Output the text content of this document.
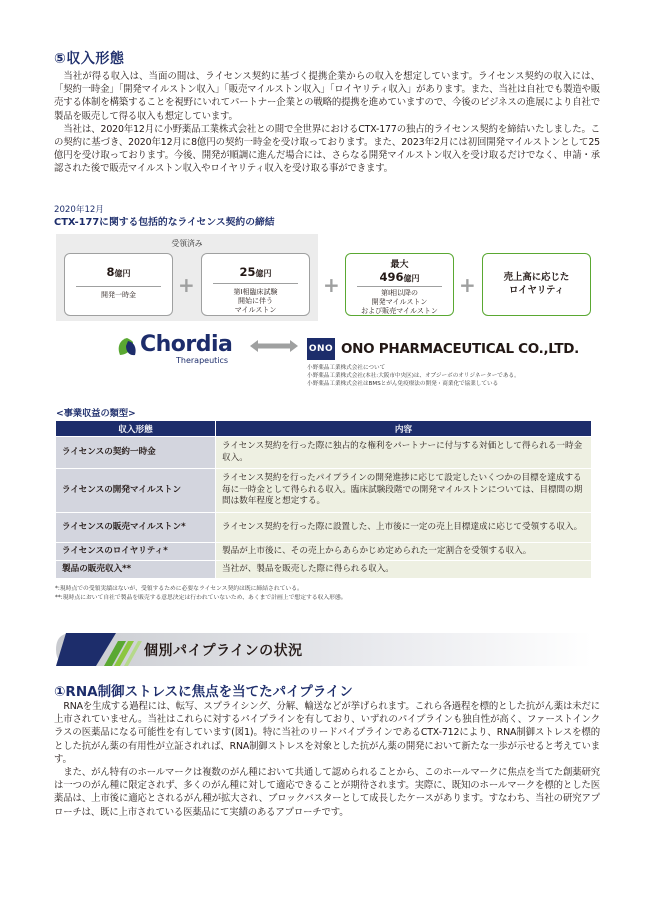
⑤収入形態

当社が得る収入は、当面の間は、ライセンス契約に基づく提携企業からの収入を想定しています。ライセンス契約の収入には、「契約一時金」「開発マイルストン収入」「販売マイルストン収入」「ロイヤリティ収入」があります。また、当社は自社でも製造や販売する体制を構築することを視野にいれてパートナー企業との戦略的提携を進めていますので、今後のビジネスの進展により自社で製品を販売して得る収入も想定しています。

当社は、2020年12月に小野薬品工業株式会社との間で全世界におけるCTX-177の独占的ライセンス契約を締結いたしました。この契約に基づき、2020年12月に8億円の契約一時金を受け取っております。また、2023年2月には初回開発マイルストンとして25億円を受け取っております。今後、開発が順調に進んだ場合には、さらなる開発マイルストン収入を受け取るだけでなく、申請・承認された後で販売マイルストン収入やロイヤリティ収入を受け取る事ができます。

2020年12月
CTX-177に関する包括的なライセンス契約の締結
受領済み
8億円
開発一時金	+
25億円
第Ⅰ相臨床試験
開始に伴う
マイルストン
+
最大
496億円
第Ⅰ相以降の
開発マイルストン
および販売マイルストン
+	売上高に応じた
ロイヤリティ
Chordia
Therapeutics
ONO ONO PHARMACEUTICAL CO.,LTD.
小野薬品工業株式会社について
小野薬品工業株式会社(本社:大阪市中央区)は、オプジーボのオリジネーターである。
小野薬品工業株式会社はBMSとがん免疫療法の開発・商業化で協業している
<事業収益の類型>
収入形態	内容
ライセンスの契約一時金	ライセンス契約を行った際に独占的な権利をパートナーに付与する対価として得られる一時金収入。
ライセンスの開発マイルストン	ライセンス契約を行ったパイプラインの開発進捗に応じて設定したいくつかの目標を達成する毎に一時金として得られる収入。臨床試験段階での開発マイルストンについては、目標間の期間は数年程度と想定する。
ライセンスの販売マイルストン*	ライセンス契約を行った際に設置した、上市後に一定の売上目標達成に応じて受領する収入。
ライセンスのロイヤリティ*	製品が上市後に、その売上からあらかじめ定められた一定割合を受領する収入。
製品の販売収入**	当社が、製品を販売した際に得られる収入。
*:現時点での受領実績はないが、受領するために必要なライセンス契約は既に締結されている。
**:現時点において自社で製品を販売する意思決定は行われていないため、あくまで計画上で想定する収入形態。
個別パイプラインの状況
①RNA制御ストレスに焦点を当てたパイプライン

RNAを生成する過程には、転写、スプライシング、分解、輸送などが挙げられます。これら各過程を標的とした抗がん薬は未だに上市されていません。当社はこれらに対するパイプラインを有しており、いずれのパイプラインも独自性が高く、ファーストインクラスの医薬品になる可能性を有しています(図1)。特に当社のリードパイプラインであるCTX-712により、RNA制御ストレスを標的とした抗がん薬の有用性が立証されれば、RNA制御ストレスを対象とした抗がん薬の開発において新たな一歩が示せると考えています。

また、がん特有のホールマークは複数のがん種において共通して認められることから、このホールマークに焦点を当てた創薬研究は一つのがん種に限定されず、多くのがん種に対して適応できることが期待されます。実際に、既知のホールマークを標的とした医薬品は、上市後に適応とされるがん種が拡大され、ブロックバスターとして成長したケースがあります。すなわち、当社の研究アプローチは、既に上市されている医薬品にて実績のあるアプローチです。
